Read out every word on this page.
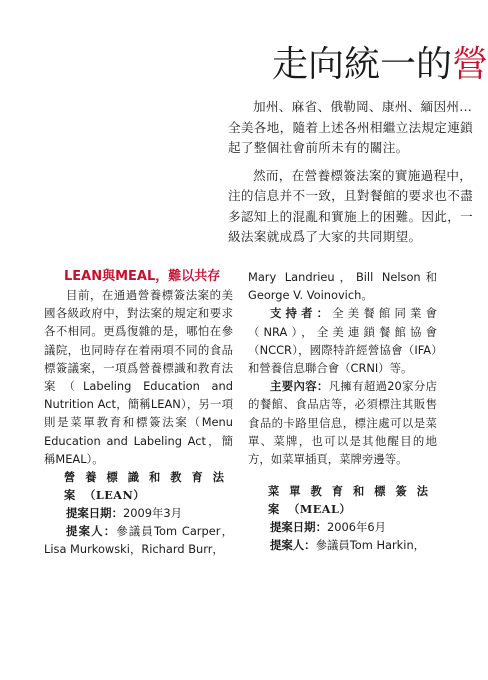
走向統一的營

加州、麻省、俄勒岡、康州、緬因州…
全美各地，隨着上述各州相繼立法規定連鎖
起了整個社會前所未有的關注。

然而，在營養標簽法案的實施過程中，
注的信息并不一致，且對餐館的要求也不盡
多認知上的混亂和實施上的困難。因此，一
級法案就成爲了大家的共同期望。

LEAN與MEAL，難以共存

目前，在通過營養標簽法案的美國各級政府中，對法案的規定和要求各不相同。更爲復雜的是，哪怕在參議院，也同時存在着兩項不同的食品標簽議案，一項爲營養標識和教育法案（Labeling Education and Nutrition Act，簡稱LEAN），另一項則是菜單教育和標簽法案（Menu Education and Labeling Act，簡稱MEAL）。

營養標識和教育法案（LEAN）

提案日期：2009年3月

提案人：參議員Tom Carper，Lisa Murkowski，Richard Burr，

Mary Landrieu，Bill Nelson和George V. Voinovich。

支持者：全美餐館同業會（NRA），全美連鎖餐館協會（NCCR），國際特許經營協會（IFA）和營養信息聯合會（CRNI）等。

主要內容：凡擁有超過20家分店的餐館、食品店等，必須標注其販售食品的卡路里信息，標注處可以是菜單、菜牌，也可以是其他醒目的地方，如菜單插頁，菜牌旁邊等。

菜單教育和標簽法案（MEAL）

提案日期：2006年6月

提案人：參議員Tom Harkin，
